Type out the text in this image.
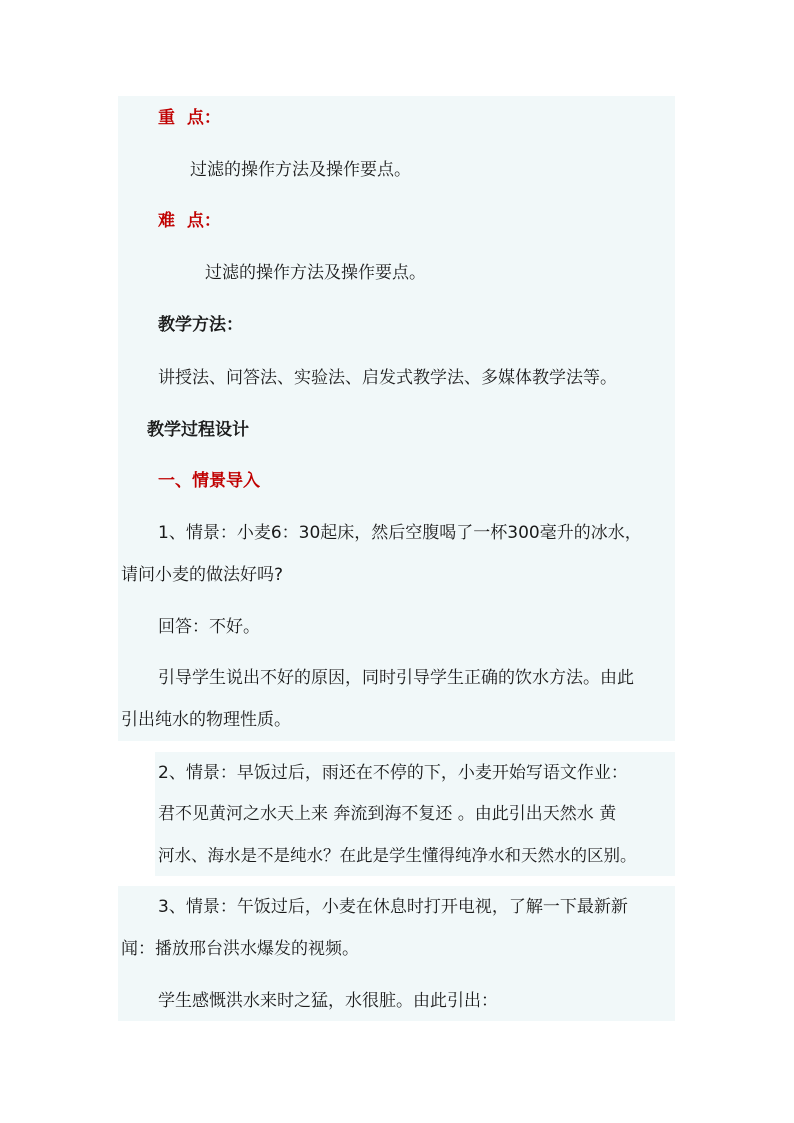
重  点：
过滤的操作方法及操作要点。
难  点：
过滤的操作方法及操作要点。
教学方法：
讲授法、问答法、实验法、启发式教学法、多媒体教学法等。
教学过程设计
一、情景导入
1、情景：小麦6：30起床，然后空腹喝了一杯300毫升的冰水，
请问小麦的做法好吗?
回答：不好。
引导学生说出不好的原因，同时引导学生正确的饮水方法。由此
引出纯水的物理性质。
2、情景：早饭过后，雨还在不停的下，小麦开始写语文作业：
君不见黄河之水天上来 奔流到海不复还 。由此引出天然水 黄
河水、海水是不是纯水？在此是学生懂得纯净水和天然水的区别。
3、情景：午饭过后，小麦在休息时打开电视，了解一下最新新
闻：播放邢台洪水爆发的视频。
学生感慨洪水来时之猛，水很脏。由此引出：
